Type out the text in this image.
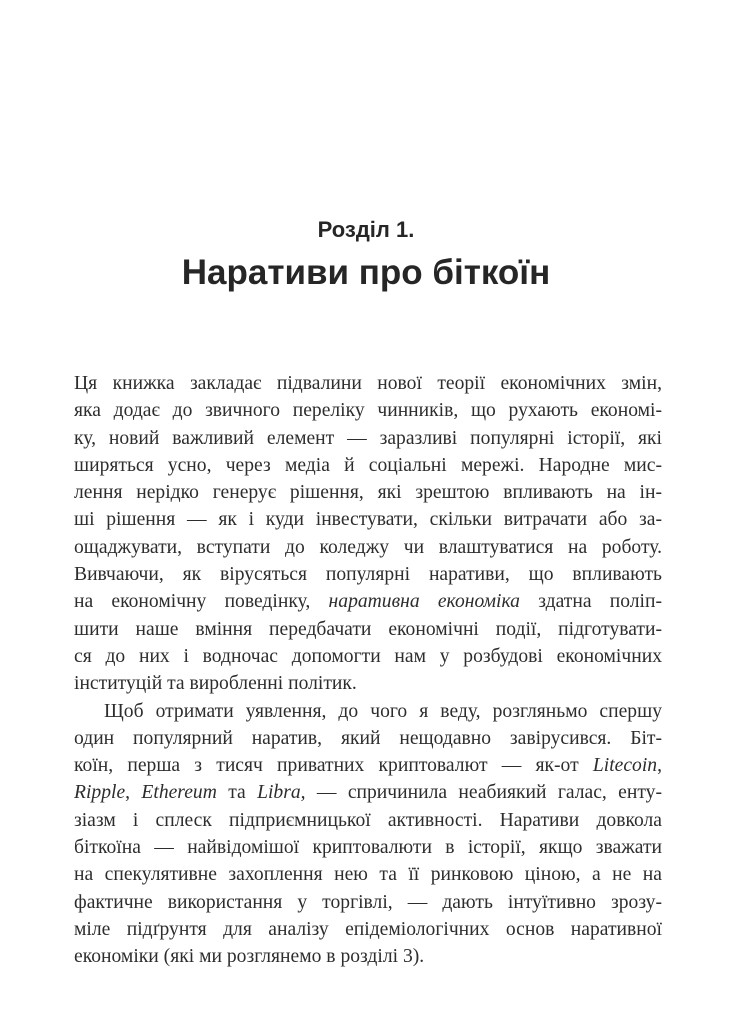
Розділ 1.
Наративи про біткоїн
Ця книжка закладає підвалини нової теорії економічних змін,
яка додає до звичного переліку чинників, що рухають економі-
ку, новий важливий елемент — заразливі популярні історії, які
ширяться усно, через медіа й соціальні мережі. Народне мис-
лення нерідко генерує рішення, які зрештою впливають на ін-
ші рішення — як і куди інвестувати, скільки витрачати або за-
ощаджувати, вступати до коледжу чи влаштуватися на роботу.
Вивчаючи, як вірусяться популярні наративи, що впливають
на економічну поведінку, наративна економіка здатна поліп-
шити наше вміння передбачати економічні події, підготувати-
ся до них і водночас допомогти нам у розбудові економічних
інституцій та виробленні політик.
Щоб отримати уявлення, до чого я веду, розгляньмо спершу
один популярний наратив, який нещодавно завірусився. Біт-
коїн, перша з тисяч приватних криптовалют — як-от Litecoin,
Ripple, Ethereum та Libra, — спричинила неабиякий галас, енту-
зіазм і сплеск підприємницької активності. Наративи довкола
біткоїна — найвідомішої криптовалюти в історії, якщо зважати
на спекулятивне захоплення нею та її ринковою ціною, а не на
фактичне використання у торгівлі, — дають інтуїтивно зрозу-
міле підґрунтя для аналізу епідеміологічних основ наративної
економіки (які ми розглянемо в розділі 3).
